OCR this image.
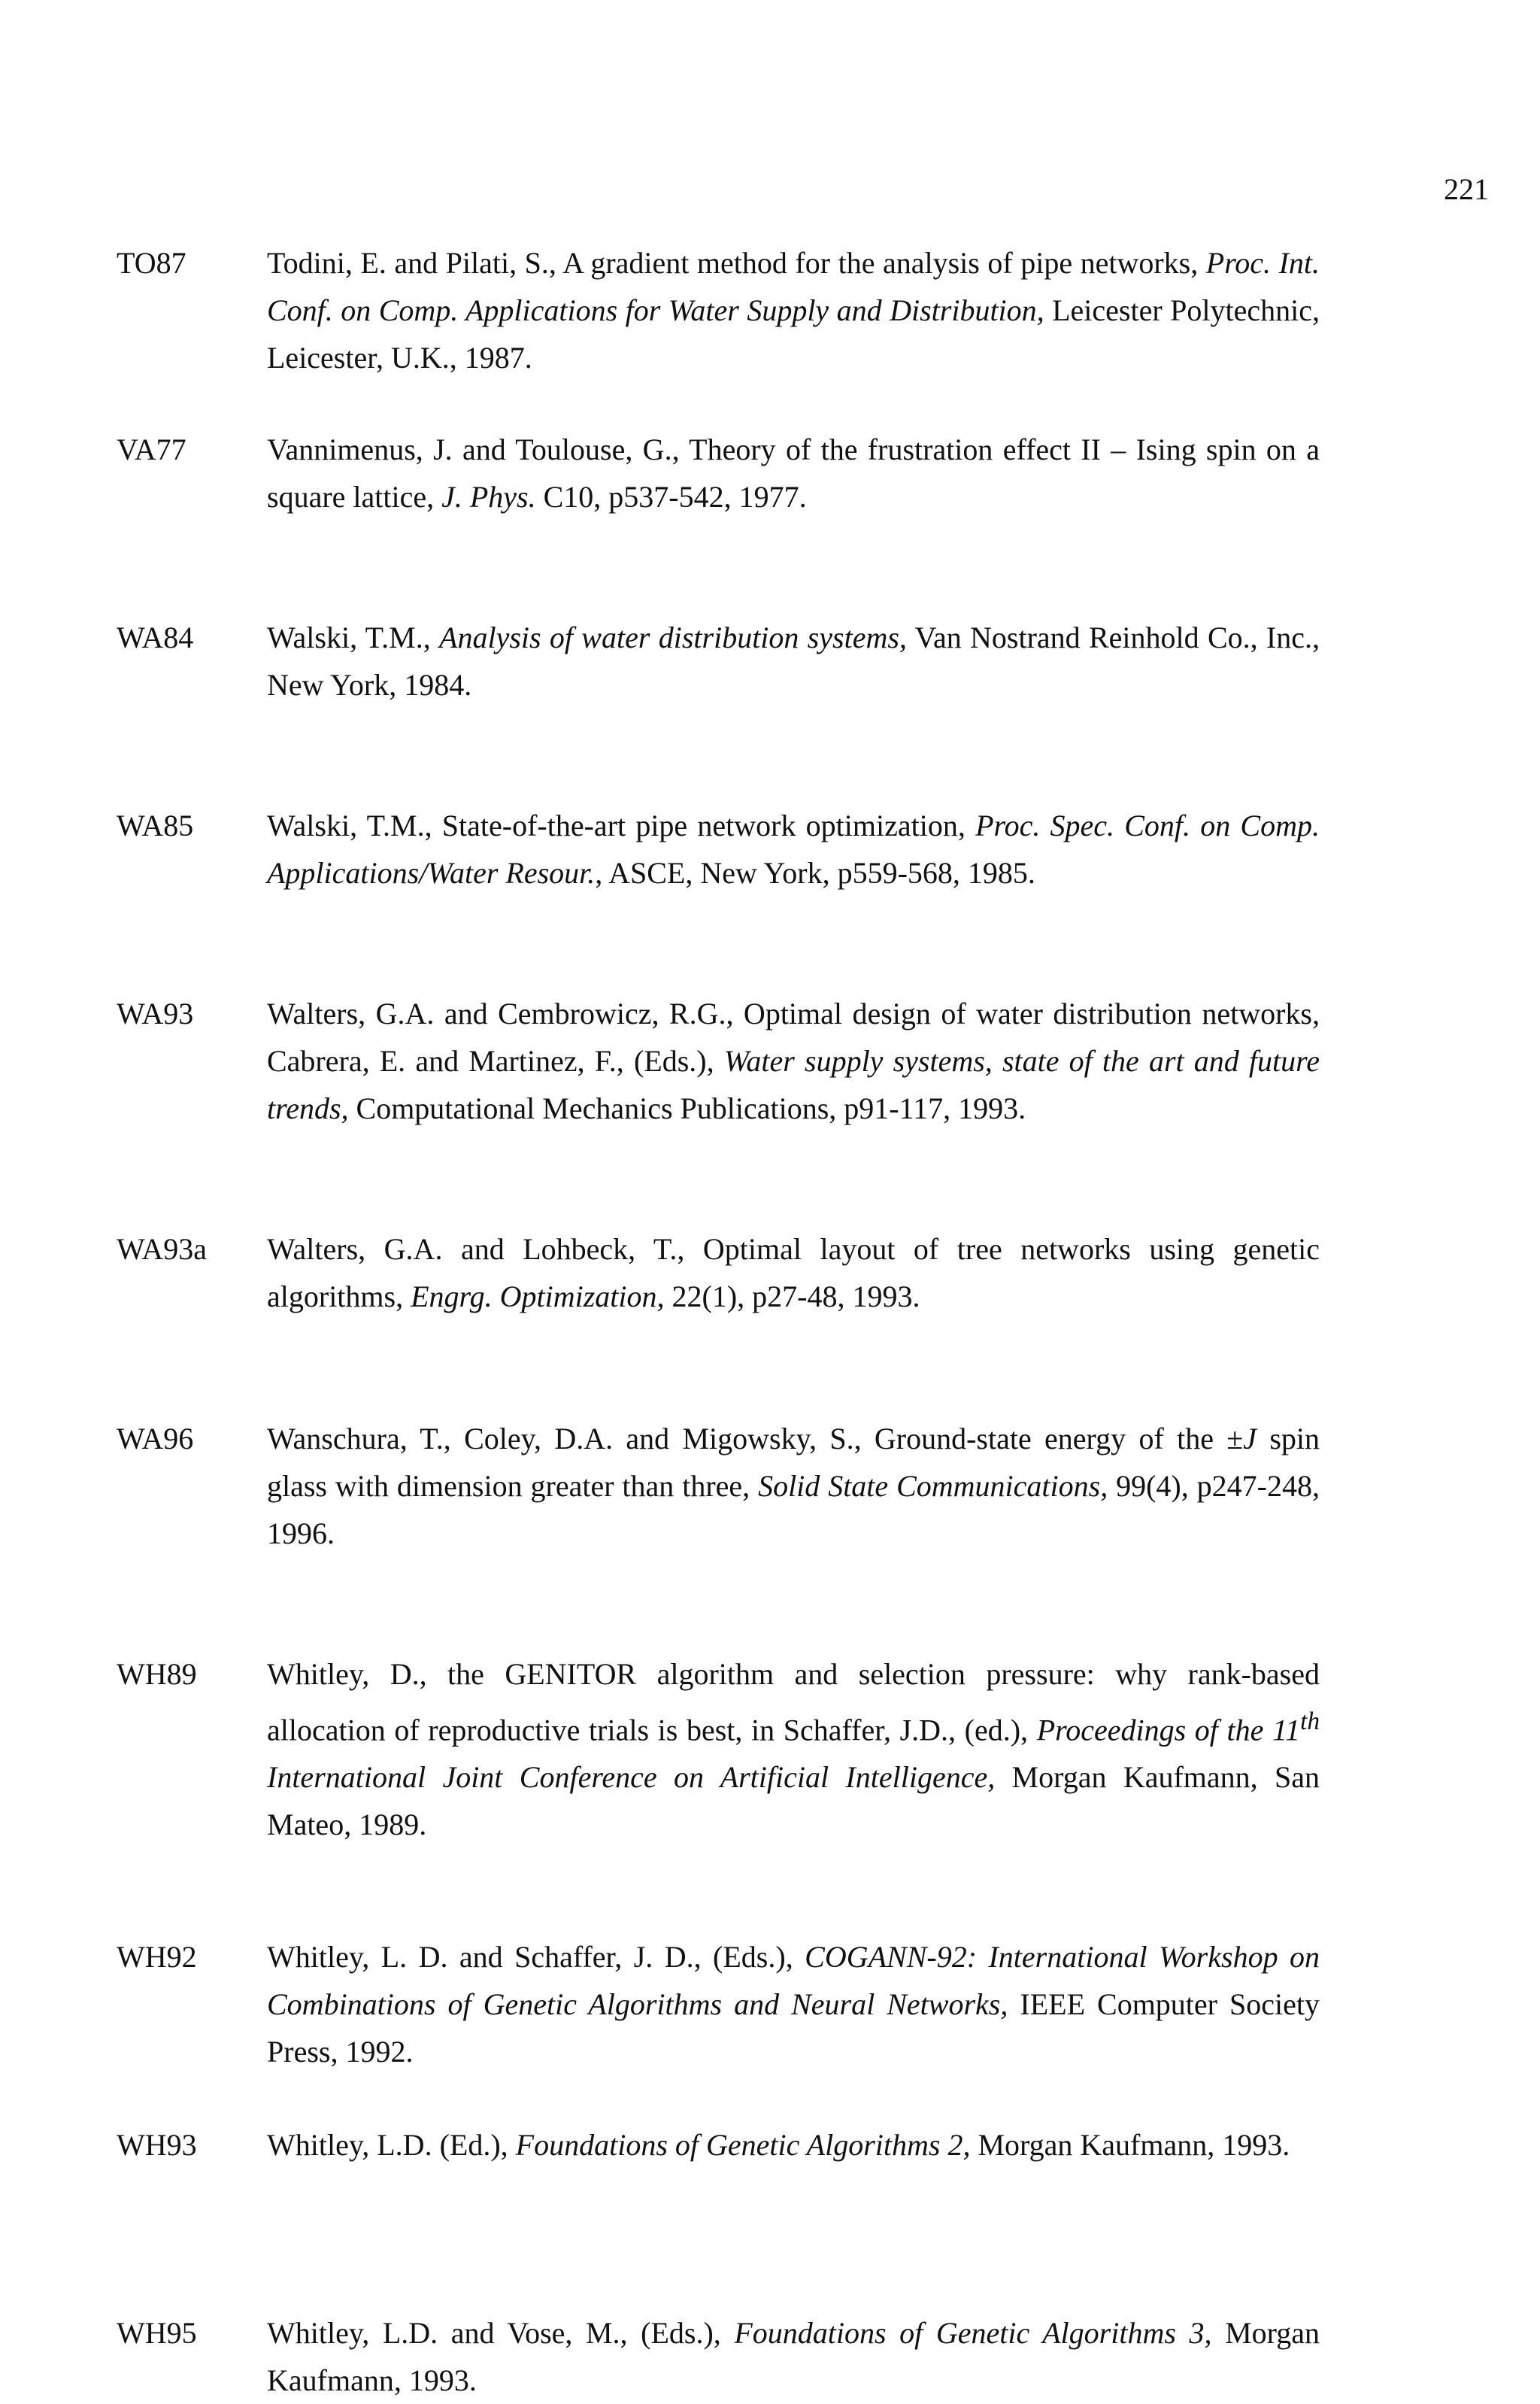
221
TO87	Todini, E. and Pilati, S., A gradient method for the analysis of pipe networks, Proc. Int. Conf. on Comp. Applications for Water Supply and Distribution, Leicester Polytechnic, Leicester, U.K., 1987.
VA77	Vannimenus, J. and Toulouse, G., Theory of the frustration effect II – Ising spin on a square lattice, J. Phys. C10, p537-542, 1977.
WA84	Walski, T.M., Analysis of water distribution systems, Van Nostrand Reinhold Co., Inc., New York, 1984.
WA85	Walski, T.M., State-of-the-art pipe network optimization, Proc. Spec. Conf. on Comp. Applications/Water Resour., ASCE, New York, p559-568, 1985.
WA93	Walters, G.A. and Cembrowicz, R.G., Optimal design of water distribution networks, Cabrera, E. and Martinez, F., (Eds.), Water supply systems, state of the art and future trends, Computational Mechanics Publications, p91-117, 1993.
WA93a	Walters, G.A. and Lohbeck, T., Optimal layout of tree networks using genetic algorithms, Engrg. Optimization, 22(1), p27-48, 1993.
WA96	Wanschura, T., Coley, D.A. and Migowsky, S., Ground-state energy of the ±J spin glass with dimension greater than three, Solid State Communications, 99(4), p247-248, 1996.
WH89	Whitley, D., the GENITOR algorithm and selection pressure: why rank-based allocation of reproductive trials is best, in Schaffer, J.D., (ed.), Proceedings of the 11th International Joint Conference on Artificial Intelligence, Morgan Kaufmann, San Mateo, 1989.
WH92	Whitley, L. D. and Schaffer, J. D., (Eds.), COGANN-92: International Workshop on Combinations of Genetic Algorithms and Neural Networks, IEEE Computer Society Press, 1992.
WH93	Whitley, L.D. (Ed.), Foundations of Genetic Algorithms 2, Morgan Kaufmann, 1993.
WH95	Whitley, L.D. and Vose, M., (Eds.), Foundations of Genetic Algorithms 3, Morgan Kaufmann, 1993.
